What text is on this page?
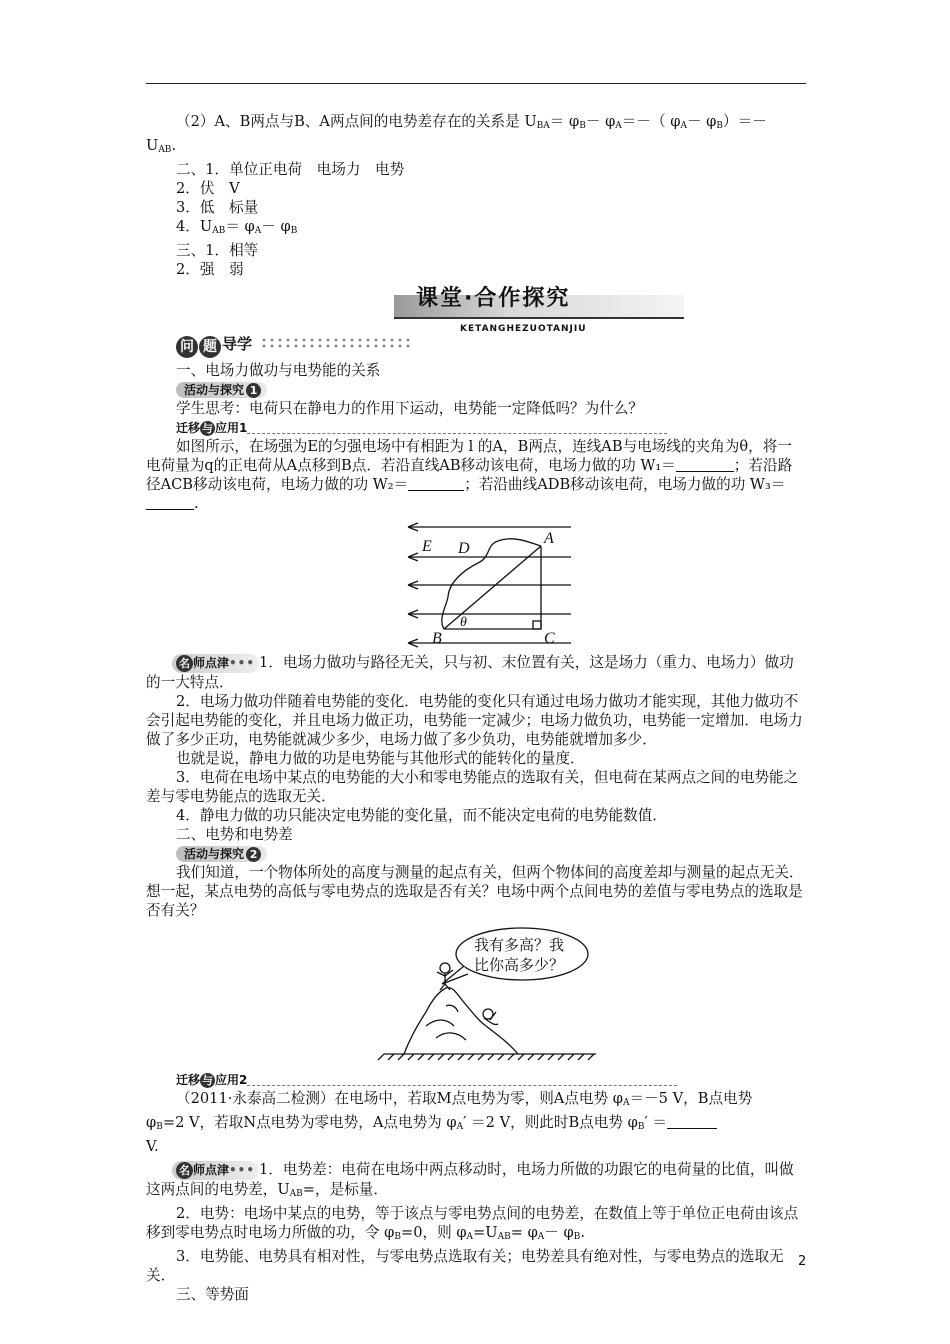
（2）A、B两点与B、A两点间的电势差存在的关系是 $U_{BA}= \varphi_B- \varphi_A=-$（ $\varphi_A- \varphi_B)=-$

$U_{AB}$.

二、1．单位正电荷　电场力　电势

2．伏　V

3．低　标量

4．$U_{AB}= \varphi_A- \varphi_B$

三、1．相等

2．强　弱

课堂·合作探究
KETANGHEZUOTANJIU
问 题 导学

一、电场力做功与电势能的关系

活动与探究 1

学生思考：电荷只在静电力的作用下运动，电势能一定降低吗？为什么？

迁移 与 应用1

如图所示，在场强为E的匀强电场中有相距为 l 的A，B两点，连线AB与电场线的夹角为θ，将一电荷量为q的正电荷从A点移到B点．若沿直线AB移动该电荷，电场力做的功 W₁＝	；若沿路径ACB移动该电荷，电场力做的功 W₂＝	；若沿曲线ADB移动该电荷，电场力做的功 W₃＝.

E D
A
B	C
θ

名 师点津••• 1．电场力做功与路径无关，只与初、末位置有关，这是场力（重力、电场力）做功的一大特点．

2．电场力做功伴随着电势能的变化．电势能的变化只有通过电场力做功才能实现，其他力做功不会引起电势能的变化，并且电场力做正功，电势能一定减少；电场力做负功，电势能一定增加．电场力做了多少正功，电势能就减少多少，电场力做了多少负功，电势能就增加多少．

也就是说，静电力做的功是电势能与其他形式的能转化的量度．

3．电荷在电场中某点的电势能的大小和零电势能点的选取有关，但电荷在某两点之间的电势能之差与零电势能点的选取无关．

4．静电力做的功只能决定电势能的变化量，而不能决定电荷的电势能数值．

二、电势和电势差

活动与探究 2

我们知道，一个物体所处的高度与测量的起点有关，但两个物体间的高度差却与测量的起点无关．想一起，某点电势的高低与零电势点的选取是否有关？电场中两个点间电势的差值与零电势点的选取是否有关？

我有多高？我
比你高多少？
迁移 与 应用2

（2011·永泰高二检测）在电场中，若取M点电势为零，则A点电势 $\varphi_A=-5$ V，B点电势

$\varphi_B=2$ V，若取N点电势为零电势，A点电势为 $\varphi_A' =2$ V，则此时B点电势 $\varphi_B'$ ＝

V.

名 师点津••• 1．电势差：电荷在电场中两点移动时，电场力所做的功跟它的电荷量的比值，叫做这两点间的电势差，$U_{AB}=$，是标量．

2．电势：电场中某点的电势，等于该点与零电势点间的电势差，在数值上等于单位正电荷由该点移到零电势点时电场力所做的功，令 $\varphi_B=0$，则 $\varphi_A=U_{AB}= \varphi_A- \varphi_B$.

3．电势能、电势具有相对性，与零电势点选取有关；电势差具有绝对性，与零电势点的选取无关．

三、等势面

2
